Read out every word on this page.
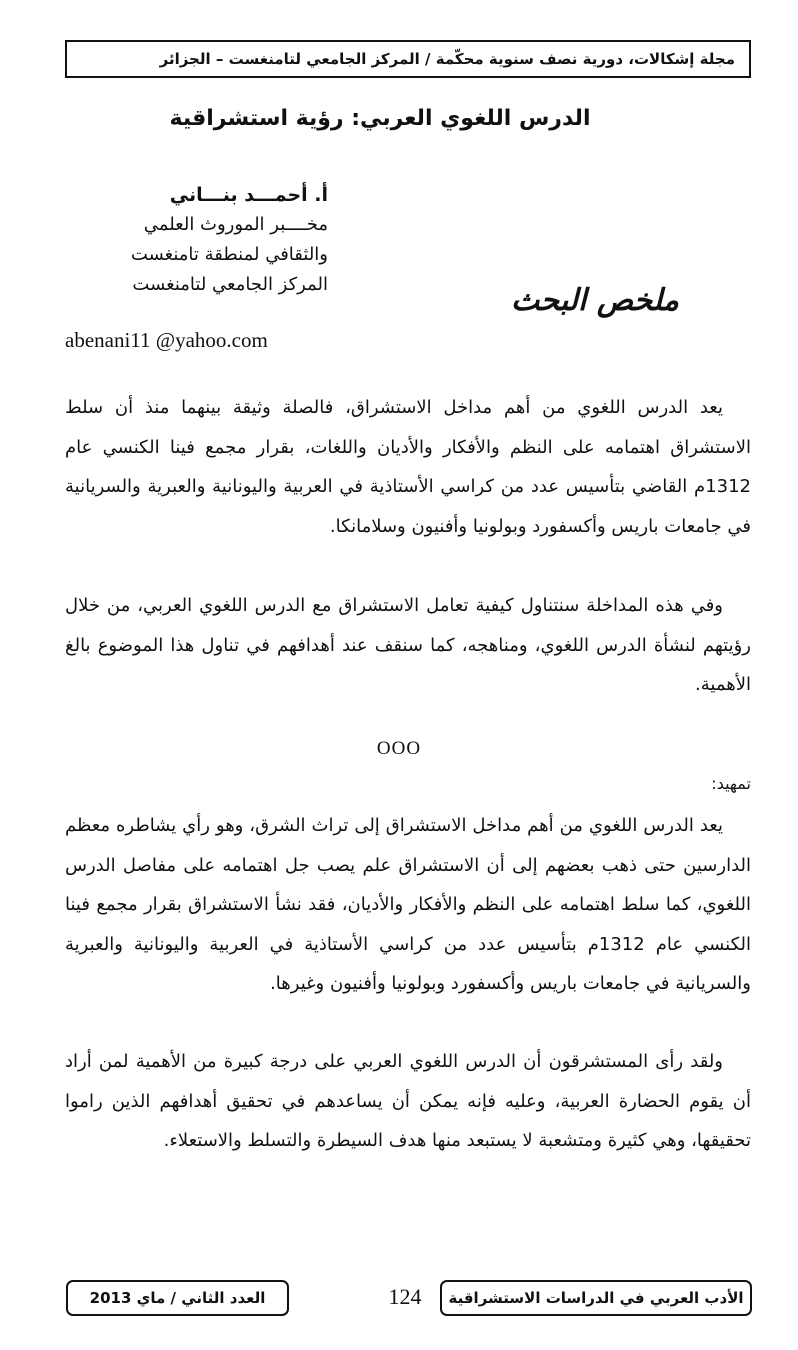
مجلة إشكالات، دورية نصف سنوية محكّمة / المركز الجامعي لتامنغست – الجزائر
الدرس اللغوي العربي: رؤية استشراقية
أ. أحمـــد بنـــاني
مخــــبر الموروث العلمي
والثقافي لمنطقة تامنغست
المركز الجامعي لتامنغست
abenani11 @yahoo.com
ملخص البحث

يعد الدرس اللغوي من أهم مداخل الاستشراق، فالصلة وثيقة بينهما منذ أن سلط الاستشراق اهتمامه على النظم والأفكار والأديان واللغات، بقرار مجمع فينا الكنسي عام 1312م القاضي بتأسيس عدد من كراسي الأستاذية في العربية واليونانية والعبرية والسريانية في جامعات باريس وأكسفورد وبولونيا وأفنيون وسلامانكا.

وفي هذه المداخلة سنتناول كيفية تعامل الاستشراق مع الدرس اللغوي العربي، من خلال رؤيتهم لنشأة الدرس اللغوي، ومناهجه، كما سنقف عند أهدافهم في تناول هذا الموضوع بالغ الأهمية.

OOO
تمهيد:

يعد الدرس اللغوي من أهم مداخل الاستشراق إلى تراث الشرق، وهو رأي يشاطره معظم الدارسين حتى ذهب بعضهم إلى أن الاستشراق علم يصب جل اهتمامه على مفاصل الدرس اللغوي، كما سلط اهتمامه على النظم والأفكار والأديان، فقد نشأ الاستشراق بقرار مجمع فينا الكنسي عام 1312م بتأسيس عدد من كراسي الأستاذية في العربية واليونانية والعبرية والسريانية في جامعات باريس وأكسفورد وبولونيا وأفنيون وغيرها.

ولقد رأى المستشرقون أن الدرس اللغوي العربي على درجة كبيرة من الأهمية لمن أراد أن يقوم الحضارة العربية، وعليه فإنه يمكن أن يساعدهم في تحقيق أهدافهم الذين راموا تحقيقها، وهي كثيرة ومتشعبة لا يستبعد منها هدف السيطرة والتسلط والاستعلاء.

الأدب العربي في الدراسات الاستشراقية
124
العدد الثاني / ماي 2013
